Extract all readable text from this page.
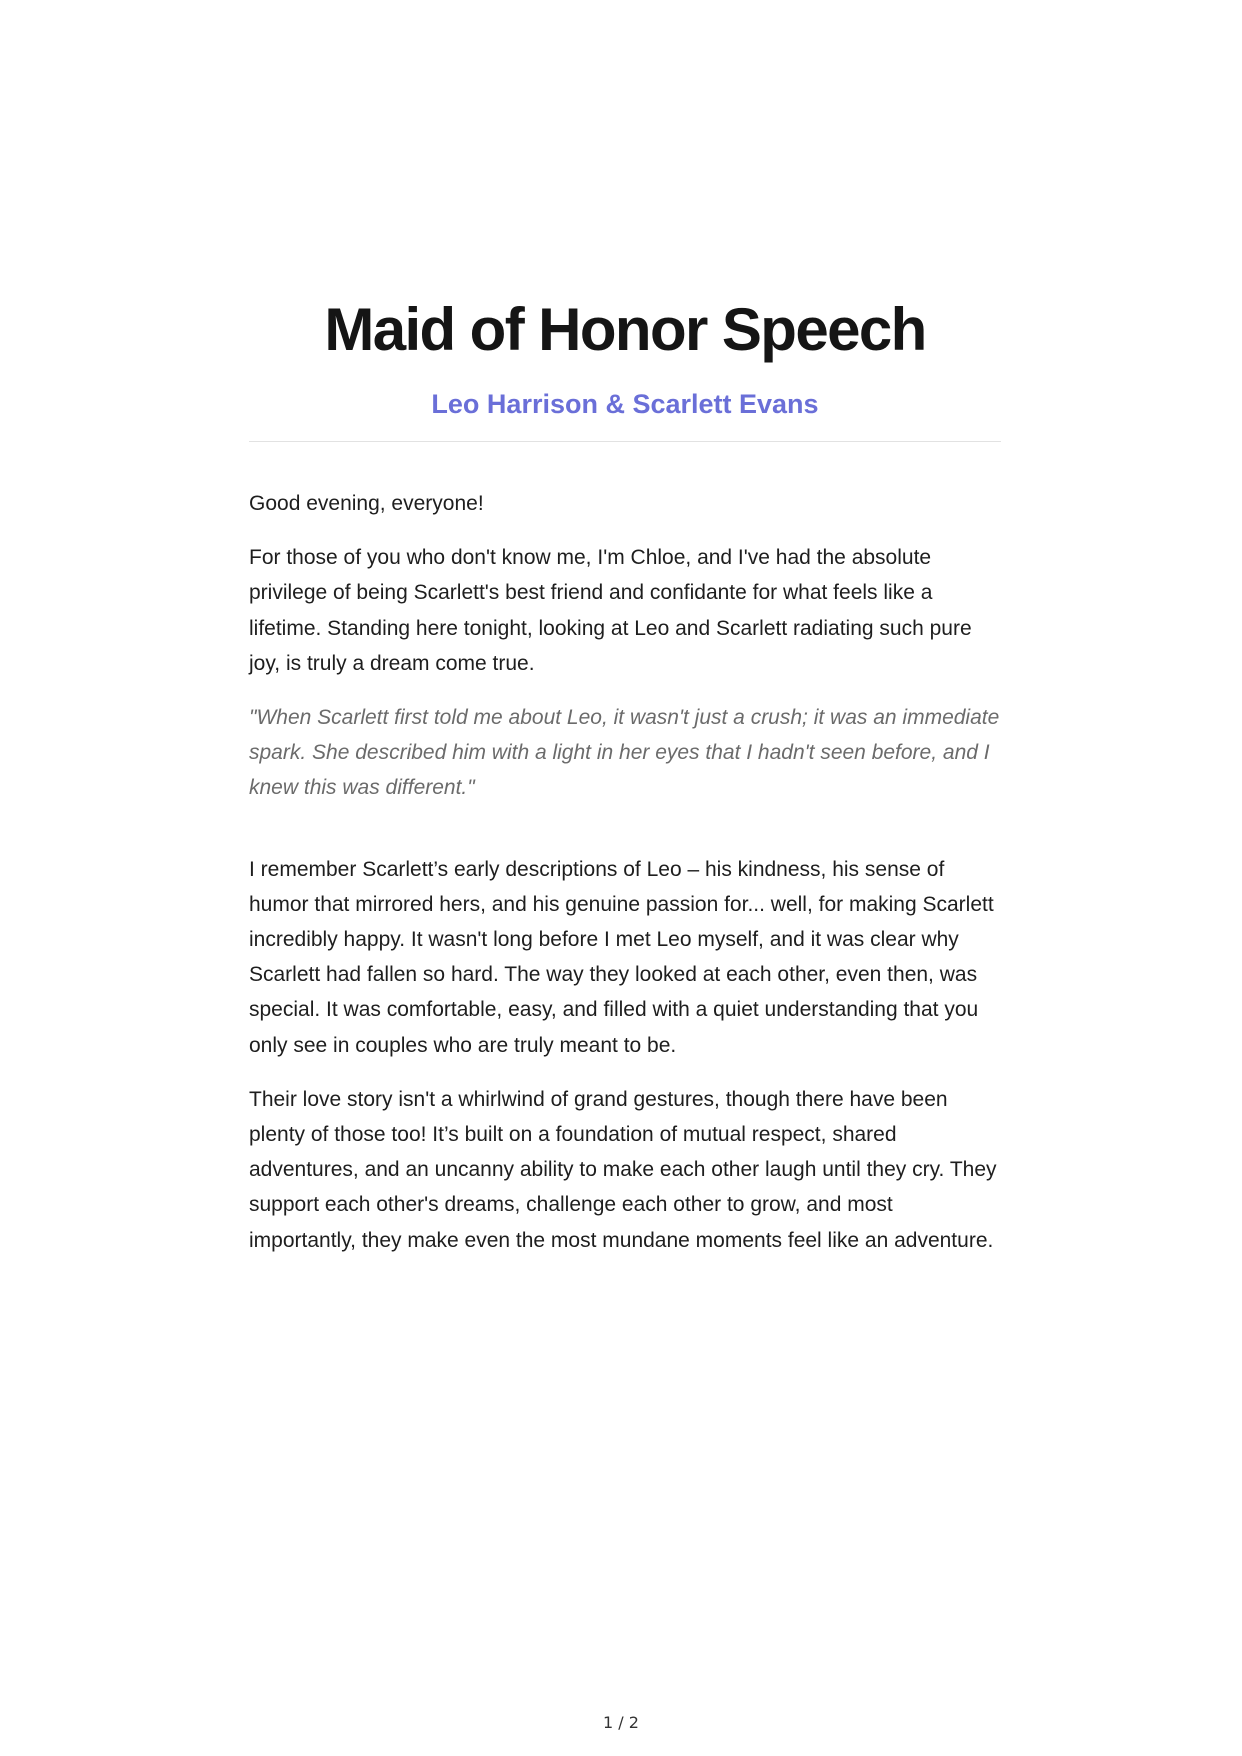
Maid of Honor Speech
Leo Harrison & Scarlett Evans

Good evening, everyone!

For those of you who don't know me, I'm Chloe, and I've had the absolute privilege of being Scarlett's best friend and confidante for what feels like a lifetime. Standing here tonight, looking at Leo and Scarlett radiating such pure joy, is truly a dream come true.

"When Scarlett first told me about Leo, it wasn't just a crush; it was an immediate spark. She described him with a light in her eyes that I hadn't seen before, and I knew this was different."

I remember Scarlett’s early descriptions of Leo – his kindness, his sense of humor that mirrored hers, and his genuine passion for... well, for making Scarlett incredibly happy. It wasn't long before I met Leo myself, and it was clear why Scarlett had fallen so hard. The way they looked at each other, even then, was special. It was comfortable, easy, and filled with a quiet understanding that you only see in couples who are truly meant to be.

Their love story isn't a whirlwind of grand gestures, though there have been plenty of those too! It’s built on a foundation of mutual respect, shared adventures, and an uncanny ability to make each other laugh until they cry. They support each other's dreams, challenge each other to grow, and most importantly, they make even the most mundane moments feel like an adventure.

1 / 2
